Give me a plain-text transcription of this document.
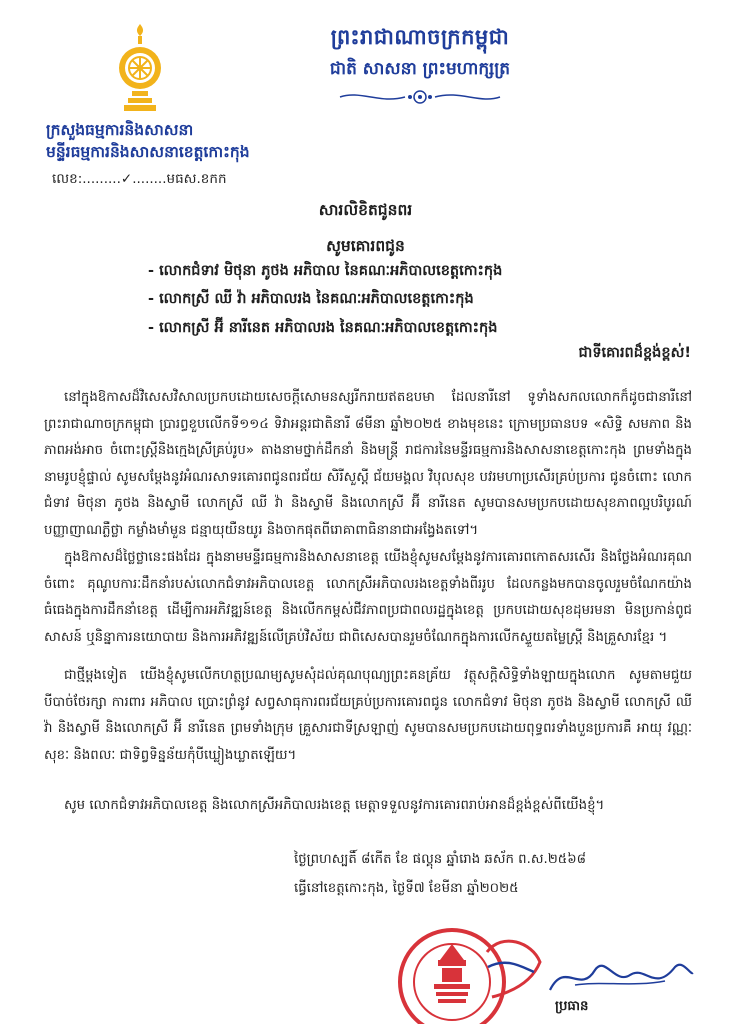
ព្រះរាជាណាចក្រកម្ពុជា
ជាតិ សាសនា ព្រះមហាក្សត្រ
ក្រសួងធម្មការនិងសាសនា
មន្ទីរធម្មការនិងសាសនាខេត្តកោះកុង
លេខ:.........✓........មធស.ខកក
សារលិខិតជូនពរ
សូមគោរពជូន
- លោកជំទាវ មិថុនា ភូថង អភិបាល នៃគណៈអភិបាលខេត្តកោះកុង
- លោកស្រី ឈី វ៉ា អភិបាលរង នៃគណៈអភិបាលខេត្តកោះកុង
- លោកស្រី អ៊ី នារីនេត អភិបាលរង នៃគណៈអភិបាលខេត្តកោះកុង
ជាទីគោរពដ៏ខ្ពង់ខ្ពស់!

នៅក្នុងឱកាសដ៏វិសេសវិសាលប្រកបដោយសេចក្តីសោមនស្សរីករាយឥតឧបមា ដែលនារីនៅ ទូទាំងសកលលោកក៏ដូចជានារីនៅព្រះរាជាណាចក្រកម្ពុជា ប្រារព្ធខួបលើកទី១១៤ ទិវាអន្តរជាតិនារី ៨មីនា ឆ្នាំ២០២៥ ខាងមុខនេះ ក្រោមប្រធានបទ «សិទ្ធិ សមភាព និងភាពអង់អាច ចំពោះស្ត្រីនិងក្មេងស្រីគ្រប់រូប» តាងនាមថ្នាក់ដឹកនាំ និងមន្ត្រី រាជការនៃមន្ទីរធម្មការនិងសាសនាខេត្តកោះកុង ព្រមទាំងក្នុងនាមរូបខ្ញុំផ្ទាល់ សូមសម្តែងនូវអំណរសាទរគោរពជូនពរជ័យ សិរីសួស្តី ជ័យមង្គល វិបុលសុខ បវរមហាប្រសើរគ្រប់ប្រការ ជូនចំពោះ លោកជំទាវ មិថុនា ភូថង និងស្វាមី លោកស្រី ឈី វ៉ា និងស្វាមី និងលោកស្រី អ៊ី នារីនេត សូមបានសមប្រកបដោយសុខភាពល្អបរិបូរណ៍ បញ្ញាញាណភ្លឺថ្លា កម្លាំងមាំមួន ជន្មាយុយឺនយូរ និងចាកផុតពីរោគាពាធិនានាជាអង្វែងតទៅ។

ក្នុងឱកាសដ៏ថ្លៃថ្លានេះផងដែរ ក្នុងនាមមន្ទីរធម្មការនិងសាសនាខេត្ត យើងខ្ញុំសូមសម្តែងនូវការគោរពកោតសរសើរ និងថ្លែងអំណរគុណចំពោះ គុណូបការៈដឹកនាំរបស់លោកជំទាវអភិបាលខេត្ត លោកស្រីអភិបាលរងខេត្តទាំងពីររូប ដែលកន្លងមកបានចូលរួមចំណែកយ៉ាងធំធេងក្នុងការដឹកនាំខេត្ត ដើម្បីការអភិវឌ្ឍន៍ខេត្ត និងលើកកម្ពស់ជីវភាពប្រជាពលរដ្ឋក្នុងខេត្ត ប្រកបដោយសុខដុមរមនា មិនប្រកាន់ពូជសាសន៍ ឬនិន្នាការនយោបាយ និងការអភិវឌ្ឍន៍លើគ្រប់វិស័យ ជាពិសេសបានរួមចំណែកក្នុងការលើកស្ទួយតម្លៃស្ត្រី និងគ្រួសារខ្មែរ ។

ជាថ្មីម្តងទៀត យើងខ្ញុំសូមលើកហត្ថប្រណម្យសូមសុំដល់គុណបុណ្យព្រះគនគ្រ័យ វត្ថុសក្តិសិទ្ធិទាំងឡាយក្នុងលោក សូមតាមជួយបីបាច់ថែរក្សា ការពារ អភិបាល ប្រោះព្រំនូវ សព្វសាធុការពរជ័យគ្រប់ប្រការគោរពជូន លោកជំទាវ មិថុនា ភូថង និងស្វាមី លោកស្រី ឈី វ៉ា និងស្វាមី និងលោកស្រី អ៊ី នារីនេត ព្រមទាំងក្រុម គ្រួសារជាទីស្រឡាញ់ សូមបានសមប្រកបដោយពុទ្ធពរទាំងបួនប្រការគឺ អាយុ វណ្ណៈ សុខៈ និងពលៈ ជាទិព្វទិន្នន័យកុំបីឃ្លៀងឃ្លាតឡើយ។

សូម លោកជំទាវអភិបាលខេត្ត និងលោកស្រីអភិបាលរងខេត្ត មេត្តាទទួលនូវការគោរពរាប់អានដ៏ខ្ពង់ខ្ពស់ពីយើងខ្ញុំ។

ថ្ងៃព្រហស្បតិ៍ ៨កើត ខែ ផល្គុន ឆ្នាំរោង ឆស័ក ព.ស.២៥៦៨
ធ្វើនៅខេត្តកោះកុង, ថ្ងៃទី៧ ខែមីនា ឆ្នាំ២០២៥
ប្រធាន
